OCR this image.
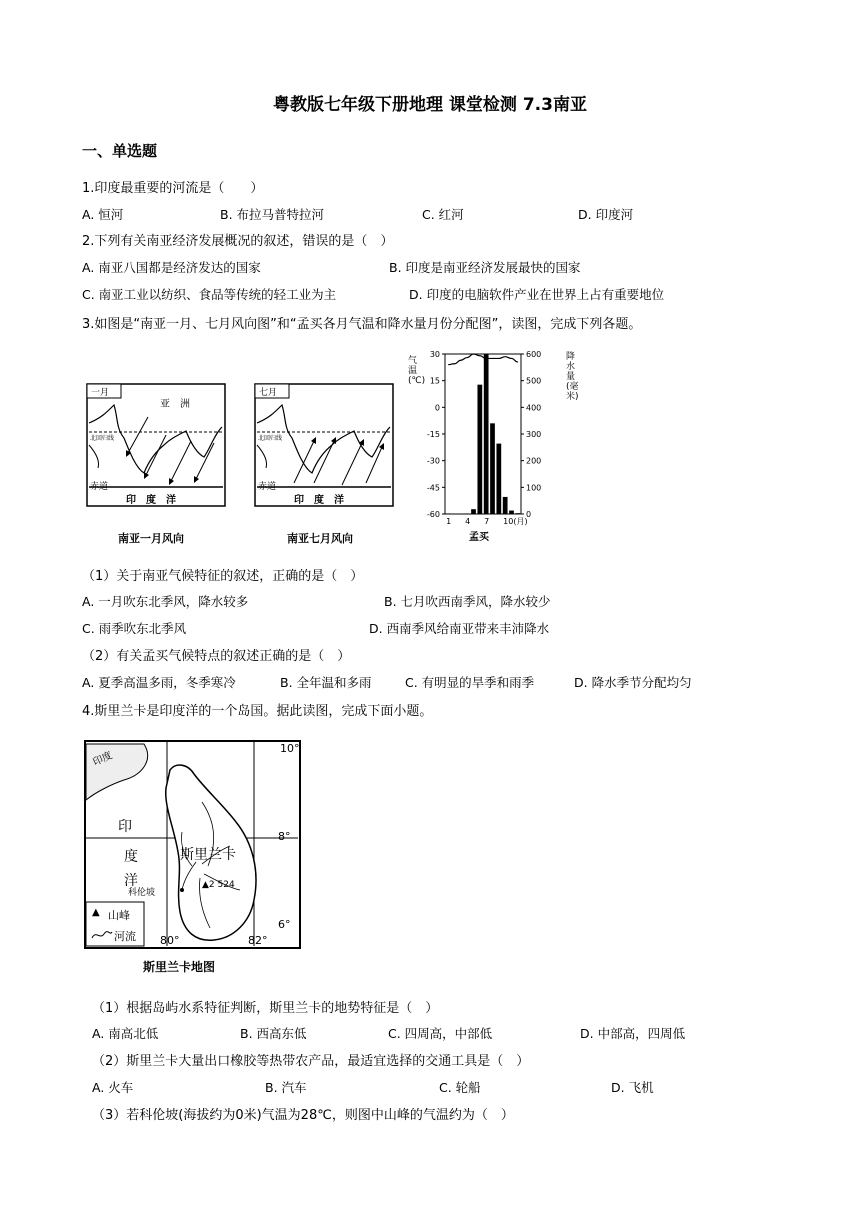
粤教版七年级下册地理 课堂检测 7.3南亚
一、单选题
1.印度最重要的河流是（　　）
A. 恒河	B. 布拉马普特拉河	C. 红河	D. 印度河
2.下列有关南亚经济发展概况的叙述，错误的是（　）
A. 南亚八国都是经济发达的国家	B. 印度是南亚经济发展最快的国家
C. 南亚工业以纺织、食品等传统的轻工业为主	D. 印度的电脑软件产业在世界上占有重要地位
3.如图是“南亚一月、七月风向图”和“孟买各月气温和降水量月份分配图”，读图，完成下列各题。
一月
亚　洲
北回归线
赤道
印　度　洋
南亚一月风向
七月
北回归线
赤道
印　度　洋
南亚七月风向
30
15
0
-15
-30
-45
-60
600
500
400
300
200
100
0
1 4 7 10(月)
气温(℃)
降水量(毫米)
孟买
（1）关于南亚气候特征的叙述，正确的是（　）
A. 一月吹东北季风，降水较多	B. 七月吹西南季风，降水较少
C. 雨季吹东北季风	D. 西南季风给南亚带来丰沛降水
（2）有关孟买气候特点的叙述正确的是（　）
A. 夏季高温多雨，冬季寒冷	B. 全年温和多雨	C. 有明显的旱季和雨季	D. 降水季节分配均匀
4.斯里兰卡是印度洋的一个岛国。据此读图，完成下面小题。
印度
印
度
洋
斯里兰卡
科伦坡
▲2 524
10°
8°
6°
80°	82°
▲ 山峰
河流
斯里兰卡地图
（1）根据岛屿水系特征判断，斯里兰卡的地势特征是（　）
A. 南高北低	B. 西高东低	C. 四周高，中部低	D. 中部高，四周低
（2）斯里兰卡大量出口橡胶等热带农产品，最适宜选择的交通工具是（　）
A. 火车	B. 汽车	C. 轮船	D. 飞机
（3）若科伦坡(海拔约为0米)气温为28℃，则图中山峰的气温约为（　）
